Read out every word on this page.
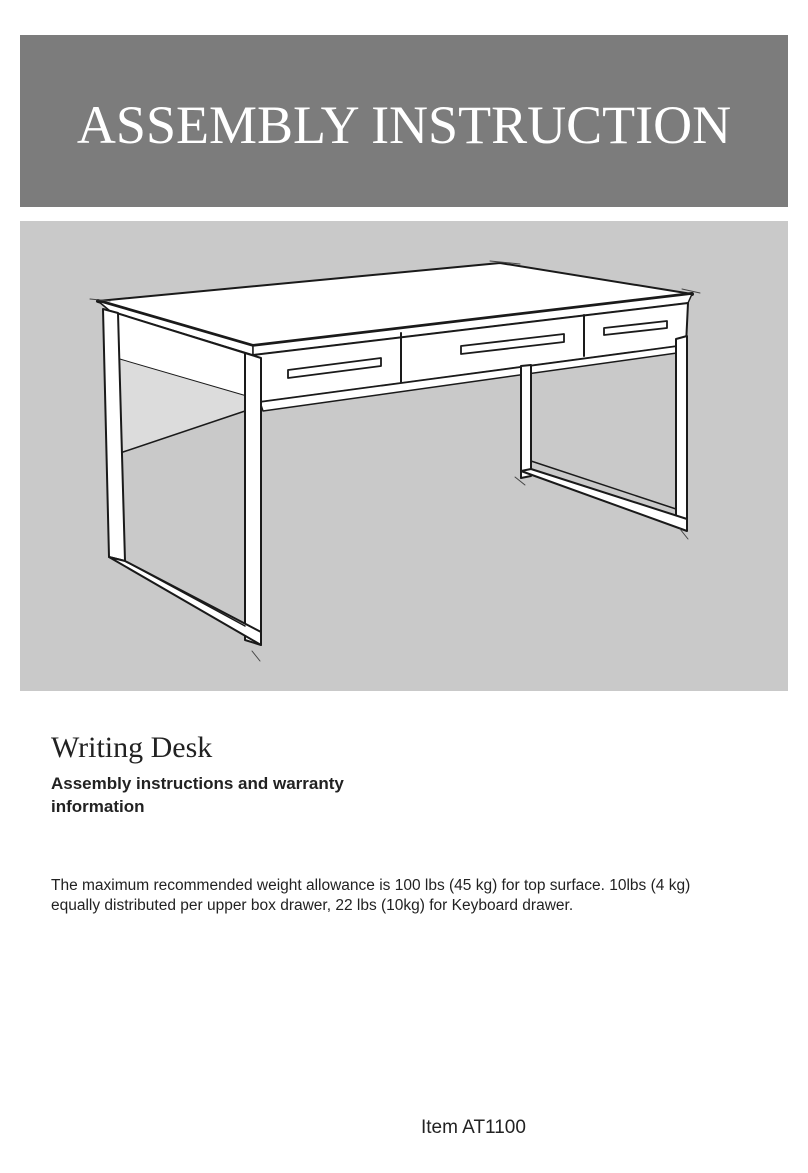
ASSEMBLY INSTRUCTION
Writing Desk
Assembly instructions and warranty information
The maximum recommended weight allowance is 100 lbs (45 kg) for top surface. 10lbs (4 kg) equally distributed per upper box drawer, 22 lbs (10kg) for Keyboard drawer.
Item AT1100
